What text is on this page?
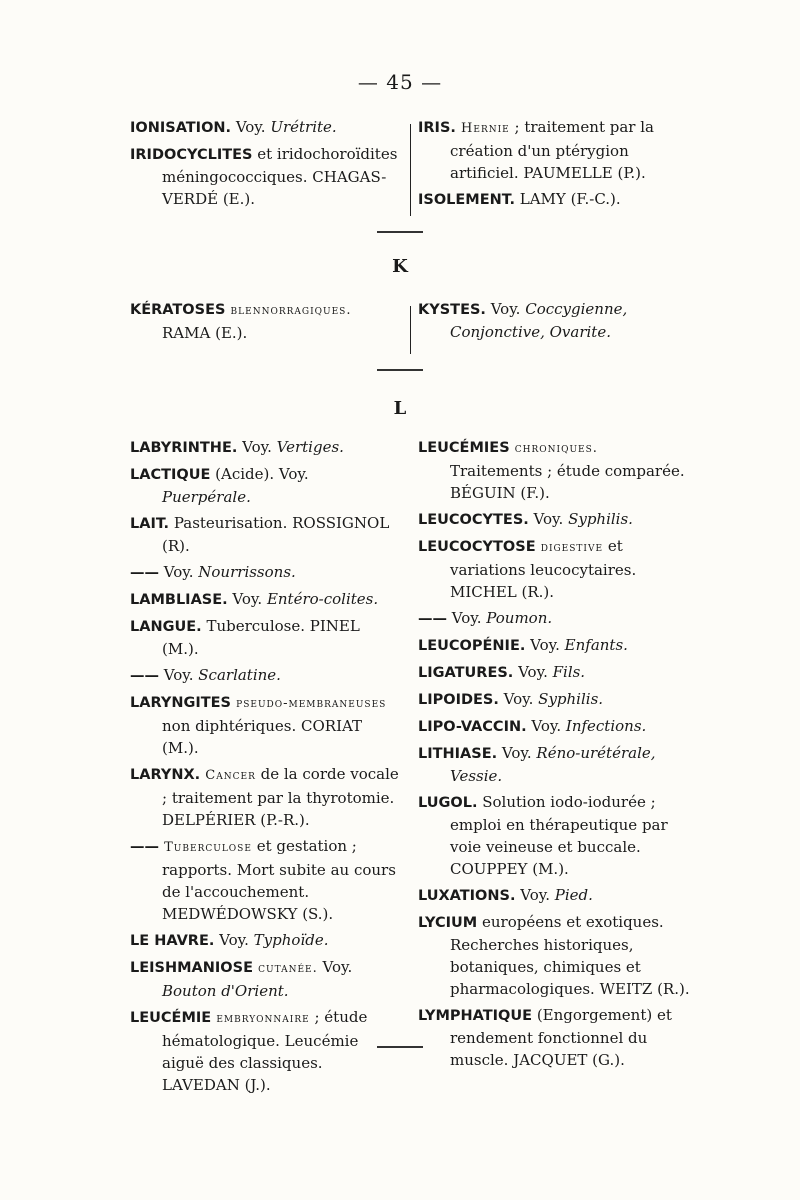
— 45 —
IONISATION. Voy. Urétrite.
IRIDOCYCLITES et iridochoroïdites méningococciques. CHAGAS-VERDÉ (E.).
IRIS. Hernie ; traitement par la création d'un ptérygion artificiel. PAUMELLE (P.).
ISOLEMENT. LAMY (F.-C.).
K
KÉRATOSES blennorragiques. RAMA (E.).
KYSTES. Voy. Coccygienne, Conjonctive, Ovarite.
L
LABYRINTHE. Voy. Vertiges.
LACTIQUE (Acide). Voy. Puerpérale.
LAIT. Pasteurisation. ROSSIGNOL (R).
—— Voy. Nourrissons.
LAMBLIASE. Voy. Entéro-colites.
LANGUE. Tuberculose. PINEL (M.).
—— Voy. Scarlatine.
LARYNGITES pseudo-membraneuses non diphtériques. CORIAT (M.).
LARYNX. Cancer de la corde vocale ; traitement par la thyrotomie. DELPÉRIER (P.-R.).
—— Tuberculose et gestation ; rapports. Mort subite au cours de l'accouchement. MEDWÉDOWSKY (S.).
LE HAVRE. Voy. Typhoïde.
LEISHMANIOSE cutanée. Voy. Bouton d'Orient.
LEUCÉMIE embryonnaire ; étude hématologique. Leucémie aiguë des classiques. LAVEDAN (J.).
LEUCÉMIES chroniques. Traitements ; étude comparée. BÉGUIN (F.).
LEUCOCYTES. Voy. Syphilis.
LEUCOCYTOSE digestive et variations leucocytaires. MICHEL (R.).
—— Voy. Poumon.
LEUCOPÉNIE. Voy. Enfants.
LIGATURES. Voy. Fils.
LIPOIDES. Voy. Syphilis.
LIPO-VACCIN. Voy. Infections.
LITHIASE. Voy. Réno-urétérale, Vessie.
LUGOL. Solution iodo-iodurée ; emploi en thérapeutique par voie veineuse et buccale. COUPPEY (M.).
LUXATIONS. Voy. Pied.
LYCIUM européens et exotiques. Recherches historiques, botaniques, chimiques et pharmacologiques. WEITZ (R.).
LYMPHATIQUE (Engorgement) et rendement fonctionnel du muscle. JACQUET (G.).
